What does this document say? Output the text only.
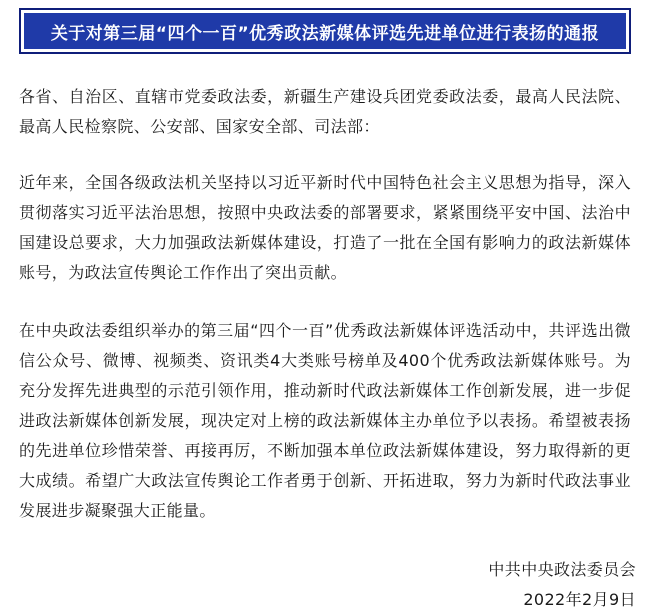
关于对第三届“四个一百”优秀政法新媒体评选先进单位进行表扬的通报

各省、自治区、直辖市党委政法委，新疆生产建设兵团党委政法委，最高人民法院、最高人民检察院、公安部、国家安全部、司法部：

近年来，全国各级政法机关坚持以习近平新时代中国特色社会主义思想为指导，深入贯彻落实习近平法治思想，按照中央政法委的部署要求，紧紧围绕平安中国、法治中国建设总要求，大力加强政法新媒体建设，打造了一批在全国有影响力的政法新媒体账号，为政法宣传舆论工作作出了突出贡献。

在中央政法委组织举办的第三届“四个一百”优秀政法新媒体评选活动中，共评选出微信公众号、微博、视频类、资讯类4大类账号榜单及400个优秀政法新媒体账号。为充分发挥先进典型的示范引领作用，推动新时代政法新媒体工作创新发展，进一步促进政法新媒体创新发展，现决定对上榜的政法新媒体主办单位予以表扬。希望被表扬的先进单位珍惜荣誉、再接再厉，不断加强本单位政法新媒体建设，努力取得新的更大成绩。希望广大政法宣传舆论工作者勇于创新、开拓进取，努力为新时代政法事业发展进步凝聚强大正能量。

中共中央政法委员会
2022年2月9日
